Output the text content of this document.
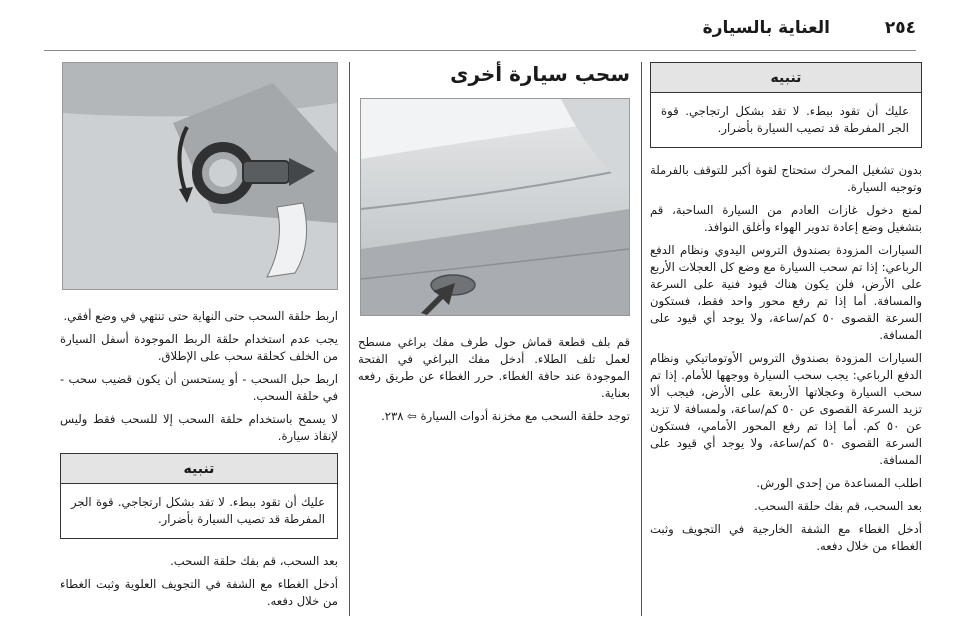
٢٥٤
العناية بالسيارة
تنبيه
عليك أن تقود ببطء. لا تقد بشكل ارتجاجي. قوة الجر المفرطة قد تصيب السيارة بأضرار.

بدون تشغيل المحرك ستحتاج لقوة أكبر للتوقف بالفرملة وتوجيه السيارة.

لمنع دخول غازات العادم من السيارة الساحبة، قم بتشغيل وضع إعادة تدوير الهواء وأغلق النوافذ.

السيارات المزودة بصندوق التروس اليدوي ونظام الدفع الرباعي: إذا تم سحب السيارة مع وضع كل العجلات الأربع على الأرض، فلن يكون هناك قيود فنية على السرعة والمسافة. أما إذا تم رفع محور واحد فقط، فستكون السرعة القصوى ٥٠ كم/ساعة، ولا يوجد أي قيود على المسافة.

السيارات المزودة بصندوق التروس الأوتوماتيكي ونظام الدفع الرباعي: يجب سحب السيارة ووجهها للأمام. إذا تم سحب السيارة وعجلاتها الأربعة على الأرض، فيجب ألا تزيد السرعة القصوى عن ٥٠ كم/ساعة، ولمسافة لا تزيد عن ٥٠ كم. أما إذا تم رفع المحور الأمامي، فستكون السرعة القصوى ٥٠ كم/ساعة، ولا يوجد أي قيود على المسافة.

اطلب المساعدة من إحدى الورش.

بعد السحب، قم بفك حلقة السحب.

أدخل الغطاء مع الشفة الخارجية في التجويف وثبت الغطاء من خلال دفعه.

سحب سيارة أخرى

قم بلف قطعة قماش حول طرف مفك براغي مسطح لعمل تلف الطلاء. أدخل مفك البراغي في الفتحة الموجودة عند حافة الغطاء. حرر الغطاء عن طريق رفعه بعناية.

توجد حلقة السحب مع مخزنة أدوات السيارة ⇦ ٢٣٨.

اربط حلقة السحب حتى النهاية حتى تنتهي في وضع أفقي.

يجب عدم استخدام حلقة الربط الموجودة أسفل السيارة من الخلف كحلقة سحب على الإطلاق.

اربط حبل السحب - أو يستحسن أن يكون قضيب سحب - في حلقة السحب.

لا يسمح باستخدام حلقة السحب إلا للسحب فقط وليس لإنقاذ سيارة.

تنبيه
عليك أن تقود ببطء. لا تقد بشكل ارتجاجي. قوة الجر المفرطة قد تصيب السيارة بأضرار.

بعد السحب، قم بفك حلقة السحب.

أدخل الغطاء مع الشفة في التجويف العلوية وثبت الغطاء من خلال دفعه.
